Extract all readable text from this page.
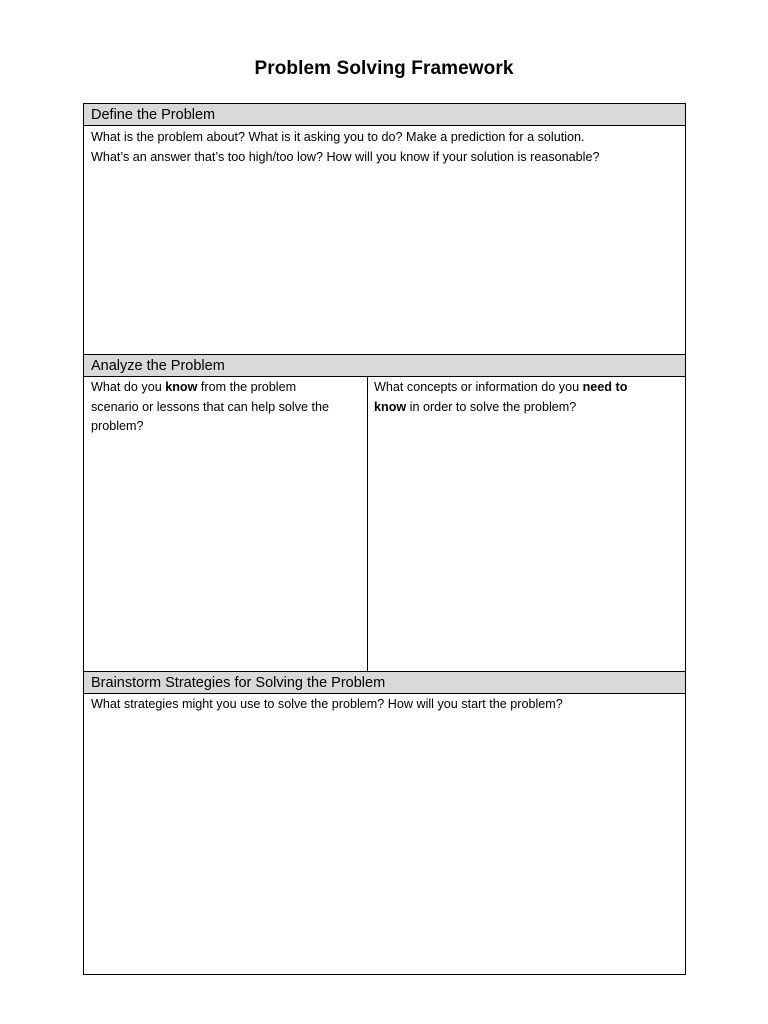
Problem Solving Framework
Define the Problem
What is the problem about? What is it asking you to do? Make a prediction for a solution.
What’s an answer that’s too high/too low? How will you know if your solution is reasonable?
Analyze the Problem
What do you know from the problem
scenario or lessons that can help solve the
problem?
What concepts or information do you need to
know in order to solve the problem?
Brainstorm Strategies for Solving the Problem
What strategies might you use to solve the problem? How will you start the problem?
